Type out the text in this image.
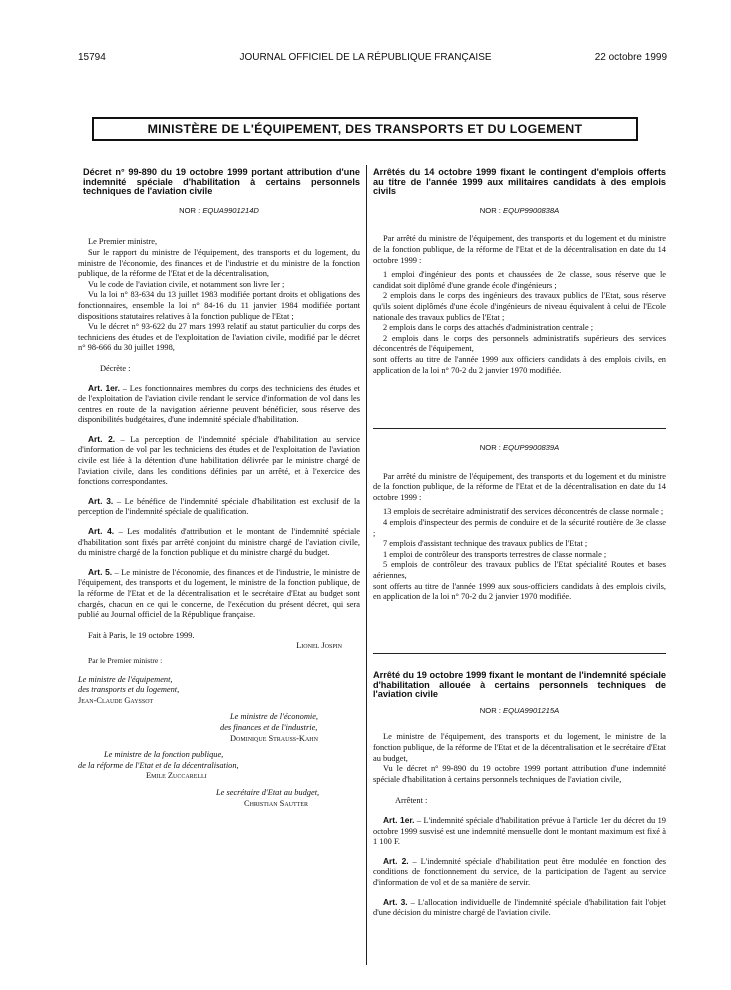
15794	JOURNAL OFFICIEL DE LA RÉPUBLIQUE FRANÇAISE	22 octobre 1999
MINISTÈRE DE L'ÉQUIPEMENT, DES TRANSPORTS ET DU LOGEMENT
Décret n° 99-890 du 19 octobre 1999 portant attribution d'une indemnité spéciale d'habilitation à certains personnels techniques de l'aviation civile
NOR : EQUA9901214D

Le Premier ministre,

Sur le rapport du ministre de l'équipement, des transports et du logement, du ministre de l'économie, des finances et de l'industrie et du ministre de la fonction publique, de la réforme de l'Etat et de la décentralisation,

Vu le code de l'aviation civile, et notamment son livre Ier ;

Vu la loi n° 83-634 du 13 juillet 1983 modifiée portant droits et obligations des fonctionnaires, ensemble la loi n° 84-16 du 11 janvier 1984 modifiée portant dispositions statutaires relatives à la fonction publique de l'Etat ;

Vu le décret n° 93-622 du 27 mars 1993 relatif au statut particulier du corps des techniciens des études et de l'exploitation de l'aviation civile, modifié par le décret n° 98-666 du 30 juillet 1998,

Décrète :

Art. 1er. – Les fonctionnaires membres du corps des techniciens des études et de l'exploitation de l'aviation civile rendant le service d'information de vol dans les centres en route de la navigation aérienne peuvent bénéficier, sous réserve des disponibilités budgétaires, d'une indemnité spéciale d'habilitation.

Art. 2. – La perception de l'indemnité spéciale d'habilitation au service d'information de vol par les techniciens des études et de l'exploitation de l'aviation civile est liée à la détention d'une habilitation délivrée par le ministre chargé de l'aviation civile, dans les conditions définies par un arrêté, et à l'exercice des fonctions correspondantes.

Art. 3. – Le bénéfice de l'indemnité spéciale d'habilitation est exclusif de la perception de l'indemnité spéciale de qualification.

Art. 4. – Les modalités d'attribution et le montant de l'indemnité spéciale d'habilitation sont fixés par arrêté conjoint du ministre chargé de l'aviation civile, du ministre chargé de la fonction publique et du ministre chargé du budget.

Art. 5. – Le ministre de l'économie, des finances et de l'industrie, le ministre de l'équipement, des transports et du logement, le ministre de la fonction publique, de la réforme de l'Etat et de la décentralisation et le secrétaire d'Etat au budget sont chargés, chacun en ce qui le concerne, de l'exécution du présent décret, qui sera publié au Journal officiel de la République française.

Fait à Paris, le 19 octobre 1999.

Lionel Jospin

Par le Premier ministre :

Le ministre de l'équipement,
des transports et du logement,
Jean-Claude Gayssot
Le ministre de l'économie,
des finances et de l'industrie,
Dominique Strauss-Kahn
Le ministre de la fonction publique,
de la réforme de l'Etat et de la décentralisation,
Emile Zuccarelli
Le secrétaire d'Etat au budget,
Christian Sautter
Arrêtés du 14 octobre 1999 fixant le contingent d'emplois offerts au titre de l'année 1999 aux militaires candidats à des emplois civils
NOR : EQUP9900838A

Par arrêté du ministre de l'équipement, des transports et du logement et du ministre de la fonction publique, de la réforme de l'Etat et de la décentralisation en date du 14 octobre 1999 :

1 emploi d'ingénieur des ponts et chaussées de 2e classe, sous réserve que le candidat soit diplômé d'une grande école d'ingénieurs ;

2 emplois dans le corps des ingénieurs des travaux publics de l'Etat, sous réserve qu'ils soient diplômés d'une école d'ingénieurs de niveau équivalent à celui de l'Ecole nationale des travaux publics de l'Etat ;

2 emplois dans le corps des attachés d'administration centrale ;

2 emplois dans le corps des personnels administratifs supérieurs des services déconcentrés de l'équipement,

sont offerts au titre de l'année 1999 aux officiers candidats à des emplois civils, en application de la loi n° 70-2 du 2 janvier 1970 modifiée.

NOR : EQUP9900839A

Par arrêté du ministre de l'équipement, des transports et du logement et du ministre de la fonction publique, de la réforme de l'Etat et de la décentralisation en date du 14 octobre 1999 :

13 emplois de secrétaire administratif des services déconcentrés de classe normale ;

4 emplois d'inspecteur des permis de conduire et de la sécurité routière de 3e classe ;

7 emplois d'assistant technique des travaux publics de l'Etat ;

1 emploi de contrôleur des transports terrestres de classe normale ;

5 emplois de contrôleur des travaux publics de l'Etat spécialité Routes et bases aériennes,

sont offerts au titre de l'année 1999 aux sous-officiers candidats à des emplois civils, en application de la loi n° 70-2 du 2 janvier 1970 modifiée.

Arrêté du 19 octobre 1999 fixant le montant de l'indemnité spéciale d'habilitation allouée à certains personnels techniques de l'aviation civile
NOR : EQUA9901215A

Le ministre de l'équipement, des transports et du logement, le ministre de la fonction publique, de la réforme de l'Etat et de la décentralisation et le secrétaire d'Etat au budget,

Vu le décret n° 99-890 du 19 octobre 1999 portant attribution d'une indemnité spéciale d'habilitation à certains personnels techniques de l'aviation civile,

Arrêtent :

Art. 1er. – L'indemnité spéciale d'habilitation prévue à l'article 1er du décret du 19 octobre 1999 susvisé est une indemnité mensuelle dont le montant maximum est fixé à 1 100 F.

Art. 2. – L'indemnité spéciale d'habilitation peut être modulée en fonction des conditions de fonctionnement du service, de la participation de l'agent au service d'information de vol et de sa manière de servir.

Art. 3. – L'allocation individuelle de l'indemnité spéciale d'habilitation fait l'objet d'une décision du ministre chargé de l'aviation civile.
